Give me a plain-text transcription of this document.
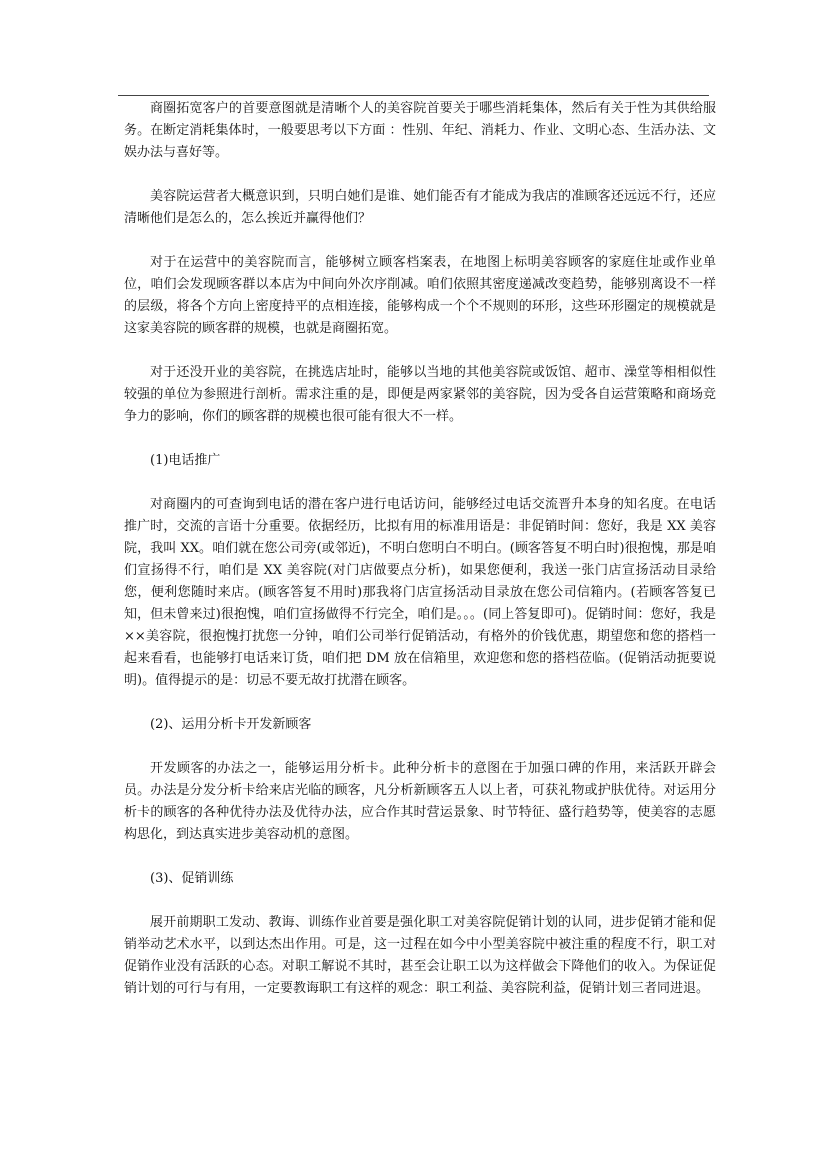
商圈拓宽客户的首要意图就是清晰个人的美容院首要关于哪些消耗集体，然后有关于性为其供给服务。在断定消耗集体时，一般要思考以下方面 ：性别、年纪、消耗力、作业、文明心态、生活办法、文娱办法与喜好等。

美容院运营者大概意识到，只明白她们是谁、她们能否有才能成为我店的准顾客还远远不行，还应清晰他们是怎么的，怎么挨近并赢得他们？

对于在运营中的美容院而言，能够树立顾客档案表，在地图上标明美容顾客的家庭住址或作业单位，咱们会发现顾客群以本店为中间向外次序削减。咱们依照其密度递减改变趋势，能够别离设不一样的层级，将各个方向上密度持平的点相连接，能够构成一个个不规则的环形，这些环形圈定的规模就是这家美容院的顾客群的规模，也就是商圈拓宽。

对于还没开业的美容院，在挑选店址时，能够以当地的其他美容院或饭馆、超市、澡堂等相相似性较强的单位为参照进行剖析。需求注重的是，即便是两家紧邻的美容院，因为受各自运营策略和商场竞争力的影响，你们的顾客群的规模也很可能有很大不一样。

(1)电话推广

对商圈内的可查询到电话的潜在客户进行电话访问，能够经过电话交流晋升本身的知名度。在电话推广时，交流的言语十分重要。依据经历，比拟有用的标准用语是：非促销时间：您好，我是 XX 美容院，我叫 XX。咱们就在您公司旁(或邻近)，不明白您明白不明白。(顾客答复不明白时)很抱愧，那是咱们宣扬得不行，咱们是 XX 美容院(对门店做要点分析)，如果您便利，我送一张门店宣扬活动目录给您，便利您随时来店。(顾客答复不用时)那我将门店宣扬活动目录放在您公司信箱内。(若顾客答复已知，但未曾来过)很抱愧，咱们宣扬做得不行完全，咱们是。。。(同上答复即可)。促销时间：您好，我是××美容院，很抱愧打扰您一分钟，咱们公司举行促销活动，有格外的价钱优惠，期望您和您的搭档一起来看看，也能够打电话来订货，咱们把 DM 放在信箱里，欢迎您和您的搭档莅临。(促销活动扼要说明)。值得提示的是：切忌不要无故打扰潜在顾客。

(2)、运用分析卡开发新顾客

开发顾客的办法之一，能够运用分析卡。此种分析卡的意图在于加强口碑的作用，来活跃开辟会员。办法是分发分析卡给来店光临的顾客，凡分析新顾客五人以上者，可获礼物或护肤优待。对运用分析卡的顾客的各种优待办法及优待办法，应合作其时营运景象、时节特征、盛行趋势等，使美容的志愿构思化，到达真实进步美容动机的意图。

(3)、促销训练

展开前期职工发动、教诲、训练作业首要是强化职工对美容院促销计划的认同，进步促销才能和促销举动艺术水平，以到达杰出作用。可是，这一过程在如今中小型美容院中被注重的程度不行，职工对促销作业没有活跃的心态。对职工解说不其时，甚至会让职工以为这样做会下降他们的收入。为保证促销计划的可行与有用，一定要教诲职工有这样的观念：职工利益、美容院利益，促销计划三者同进退。
